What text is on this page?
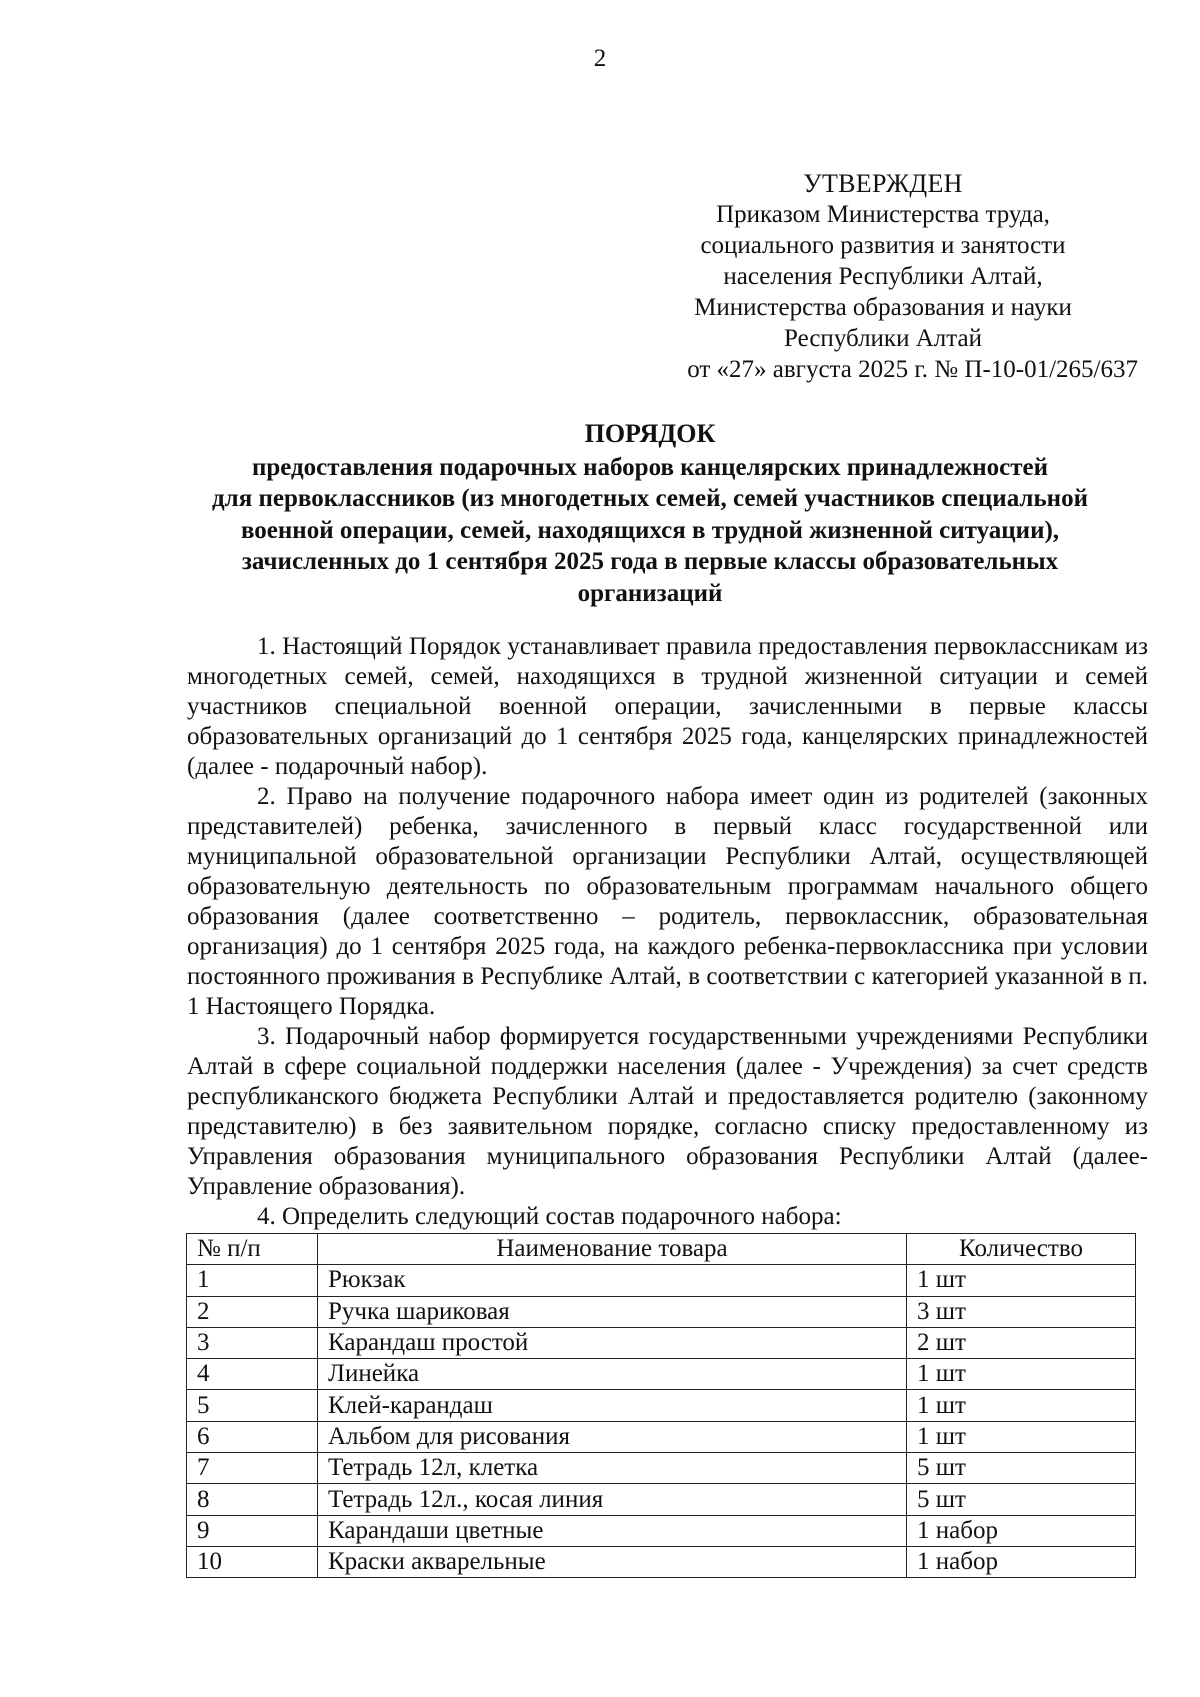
2
УТВЕРЖДЕН
Приказом Министерства труда,
социального развития и занятости
населения Республики Алтай,
Министерства образования и науки
Республики Алтай
от «27» августа 2025 г. № П-10-01/265/637
ПОРЯДОК
предоставления подарочных наборов канцелярских принадлежностей
для первоклассников (из многодетных семей, семей участников специальной
военной операции, семей, находящихся в трудной жизненной ситуации),
зачисленных до 1 сентября 2025 года в первые классы образовательных
организаций

1. Настоящий Порядок устанавливает правила предоставления первоклассникам из многодетных семей, семей, находящихся в трудной жизненной ситуации и семей участников специальной военной операции, зачисленными в первые классы образовательных организаций до 1 сентября 2025 года, канцелярских принадлежностей (далее - подарочный набор).

2. Право на получение подарочного набора имеет один из родителей (законных представителей) ребенка, зачисленного в первый класс государственной или муниципальной образовательной организации Республики Алтай, осуществляющей образовательную деятельность по образовательным программам начального общего образования (далее соответственно – родитель, первоклассник, образовательная организация) до 1 сентября 2025 года, на каждого ребенка-первоклассника при условии постоянного проживания в Республике Алтай, в соответствии с категорией указанной в п. 1 Настоящего Порядка.

3. Подарочный набор формируется государственными учреждениями Республики Алтай в сфере социальной поддержки населения (далее - Учреждения) за счет средств республиканского бюджета Республики Алтай и предоставляется родителю (законному представителю) в без заявительном порядке, согласно списку предоставленному из Управления образования муниципального образования Республики Алтай (далее-Управление образования).

4. Определить следующий состав подарочного набора:

№ п/п	Наименование товара	Количество
1	Рюкзак	1 шт
2	Ручка шариковая	3 шт
3	Карандаш простой	2 шт
4	Линейка	1 шт
5	Клей-карандаш	1 шт
6	Альбом для рисования	1 шт
7	Тетрадь 12л, клетка	5 шт
8	Тетрадь 12л., косая линия	5 шт
9	Карандаши цветные	1 набор
10	Краски акварельные	1 набор
